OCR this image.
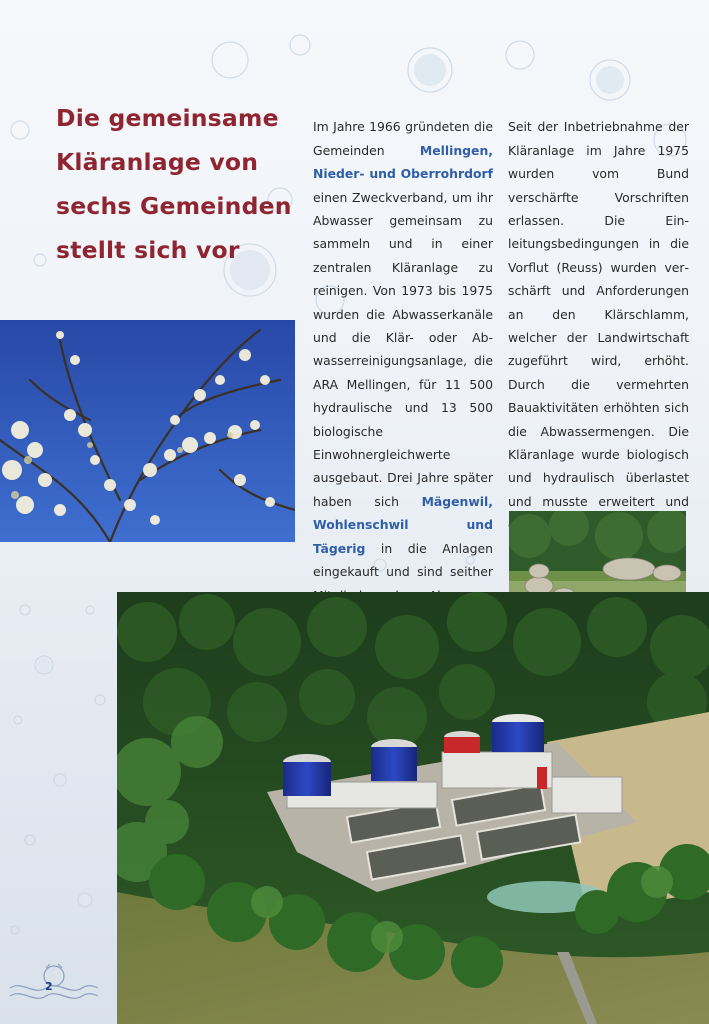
Die gemeinsame
Kläranlage von
sechs Gemeinden
stellt sich vor

Im Jahre 1966 gründeten die Gemeinden Mellingen, Nieder- und Oberrohrdorf einen Zweckverband, um ihr Abwasser gemeinsam zu sammeln und in einer zentralen Kläranlage zu reinigen. Von 1973 bis 1975 wurden die Abwasserkanäle und die Klär- oder Abwasserreinigungsanlage, die ARA Mellingen, für 11 500 hydraulische und 13 500 biologische Einwohnergleichwerte ausgebaut. Drei Jahre später haben sich Mägenwil, Wohlenschwil und Tägerig in die Anlagen eingekauft und sind seither

Seit der Inbetriebnahme der Kläranlage im Jahre 1975 wurden vom Bund verschärfte Vorschriften erlassen. Die Einleitungsbedingungen in die Vorflut (Reuss) wurden verschärft und Anforderungen an den Klärschlamm, welcher der Landwirtschaft zugeführt wird, erhöht. Durch die vermehrten Bauaktivitäten erhöhten sich die Abwassermengen. Die Kläranlage wurde biologisch und hydraulisch überlastet und musste erweitert und

2
